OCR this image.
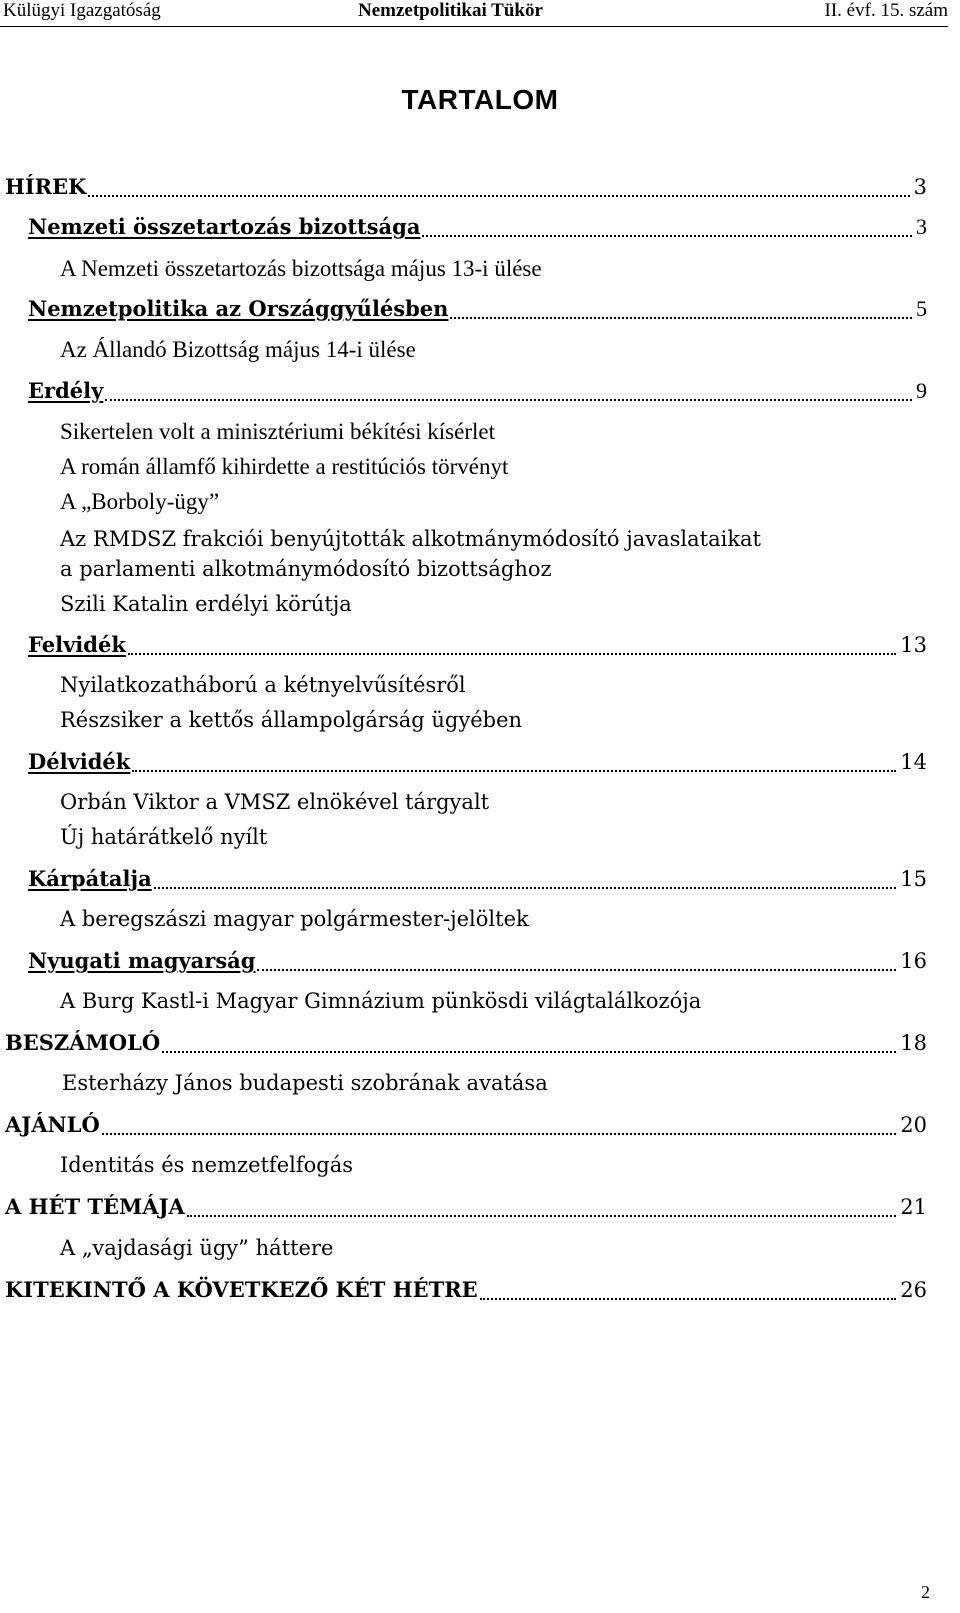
Külügyi Igazgatóság	Nemzetpolitikai Tükör	II. évf. 15. szám
TARTALOM
HÍREK	3
Nemzeti összetartozás bizottsága	3
A Nemzeti összetartozás bizottsága május 13-i ülése
Nemzetpolitika az Országgyűlésben	5
Az Állandó Bizottság május 14-i ülése
Erdély	9
Sikertelen volt a minisztériumi békítési kísérlet
A román államfő kihirdette a restitúciós törvényt
A „Borboly-ügy”
Az RMDSZ frakciói benyújtották alkotmánymódosító javaslataikat
a parlamenti alkotmánymódosító bizottsághoz
Szili Katalin erdélyi körútja
Felvidék	13
Nyilatkozatháború a kétnyelvűsítésről
Részsiker a kettős állampolgárság ügyében
Délvidék	14
Orbán Viktor a VMSZ elnökével tárgyalt
Új határátkelő nyílt
Kárpátalja	15
A beregszászi magyar polgármester-jelöltek
Nyugati magyarság	16
A Burg Kastl-i Magyar Gimnázium pünkösdi világtalálkozója
BESZÁMOLÓ	18
Esterházy János budapesti szobrának avatása
AJÁNLÓ	20
Identitás és nemzetfelfogás
A HÉT TÉMÁJA	21
A „vajdasági ügy” háttere
KITEKINTŐ A KÖVETKEZŐ KÉT HÉTRE	26
2
